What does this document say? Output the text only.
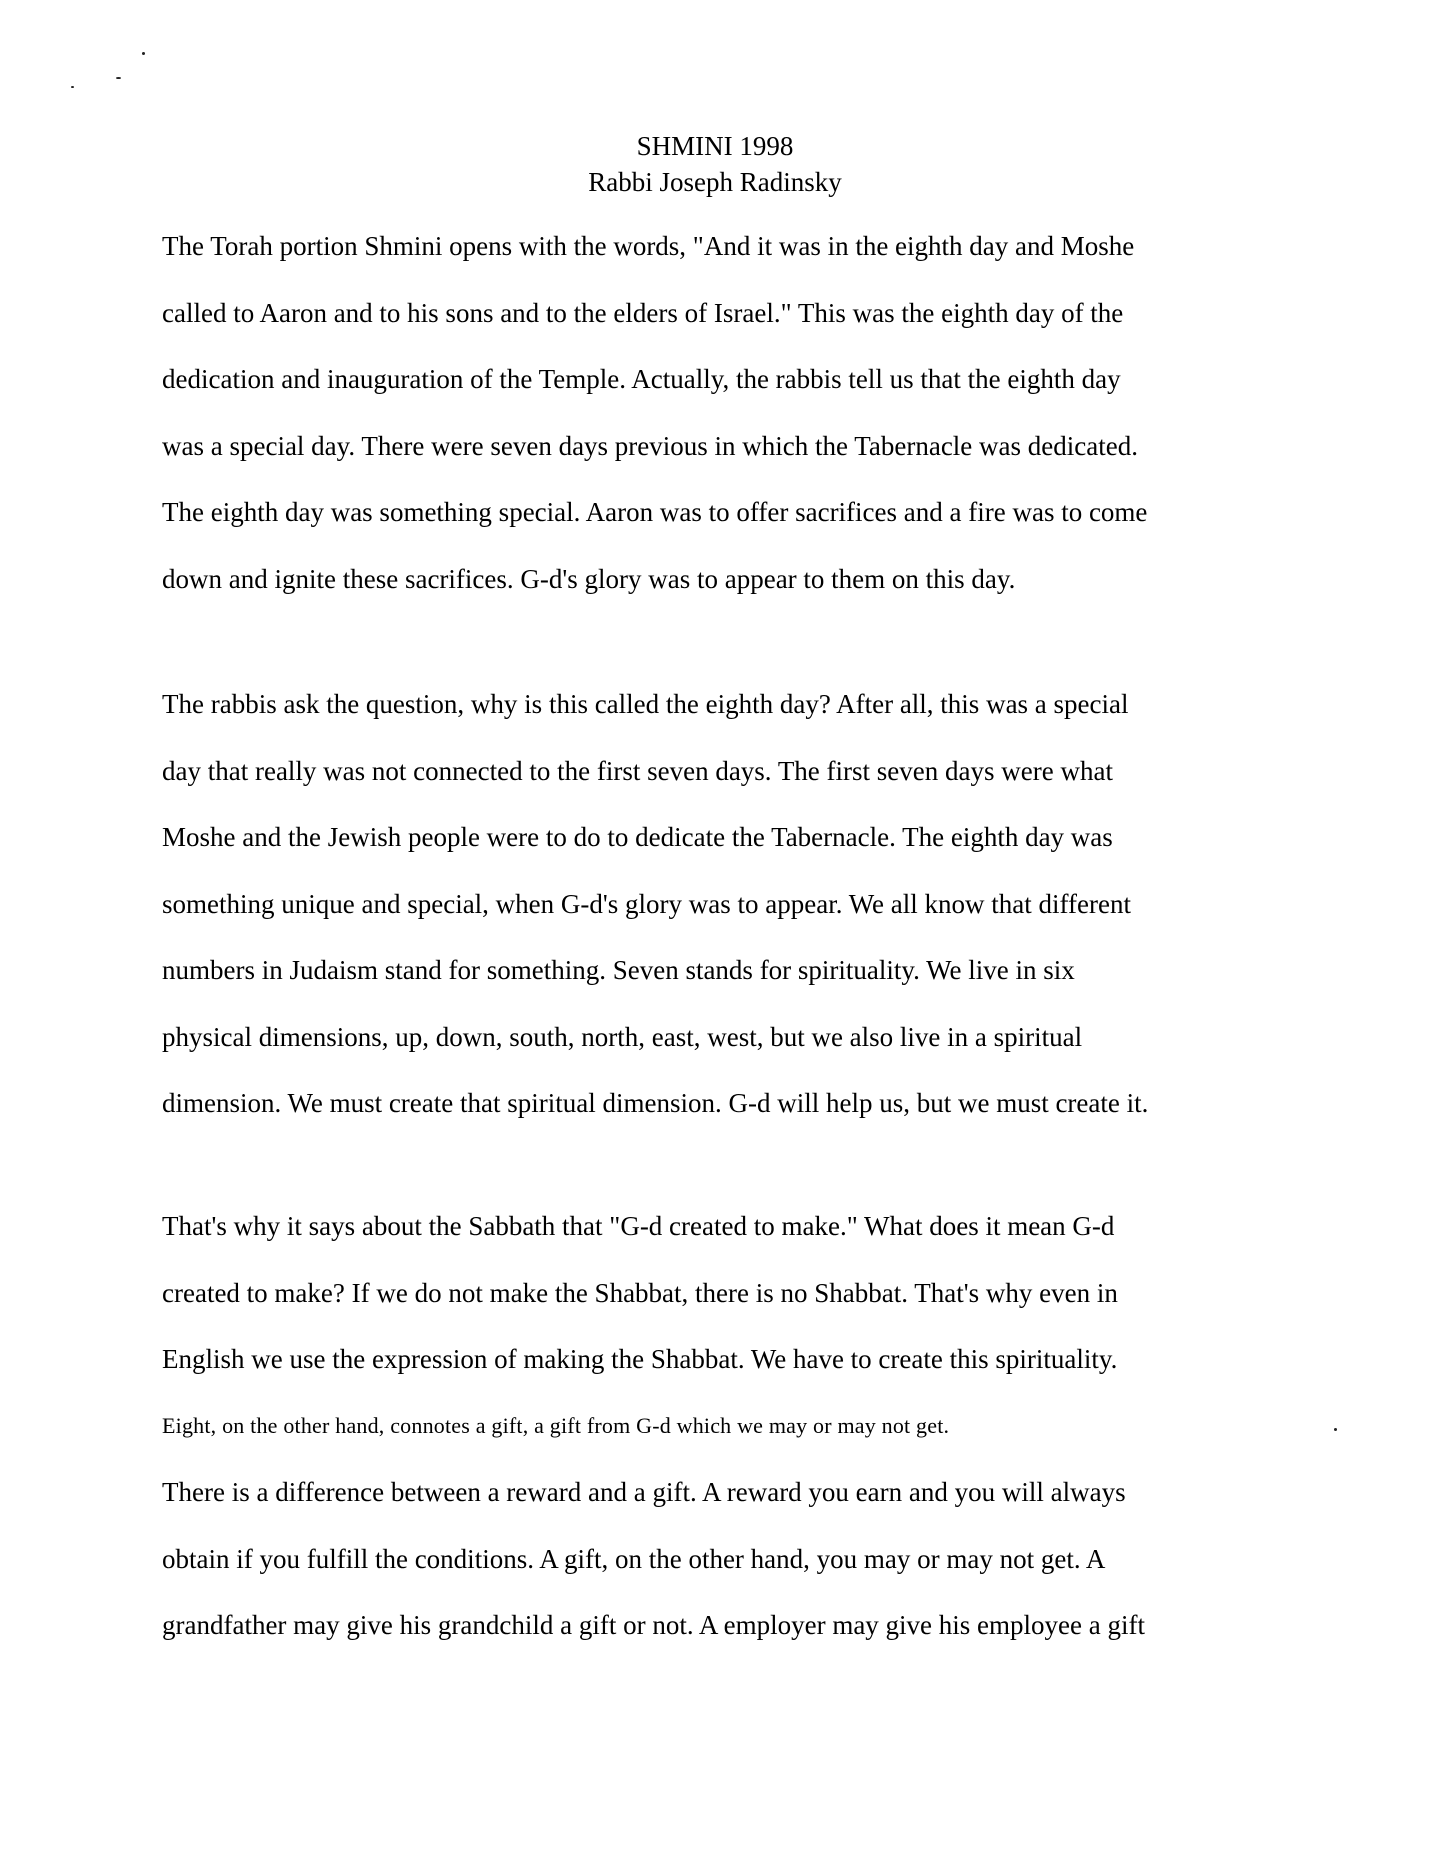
SHMINI 1998
Rabbi Joseph Radinsky
The Torah portion Shmini opens with the words, "And it was in the eighth day and Moshe
called to Aaron and to his sons and to the elders of Israel." This was the eighth day of the
dedication and inauguration of the Temple. Actually, the rabbis tell us that the eighth day
was a special day. There were seven days previous in which the Tabernacle was dedicated.
The eighth day was something special. Aaron was to offer sacrifices and a fire was to come
down and ignite these sacrifices. G-d's glory was to appear to them on this day.
The rabbis ask the question, why is this called the eighth day? After all, this was a special
day that really was not connected to the first seven days. The first seven days were what
Moshe and the Jewish people were to do to dedicate the Tabernacle. The eighth day was
something unique and special, when G-d's glory was to appear. We all know that different
numbers in Judaism stand for something. Seven stands for spirituality. We live in six
physical dimensions, up, down, south, north, east, west, but we also live in a spiritual
dimension. We must create that spiritual dimension. G-d will help us, but we must create it.
That's why it says about the Sabbath that "G-d created to make." What does it mean G-d
created to make? If we do not make the Shabbat, there is no Shabbat. That's why even in
English we use the expression of making the Shabbat. We have to create this spirituality.
Eight, on the other hand, connotes a gift, a gift from G-d which we may or may not get.
There is a difference between a reward and a gift. A reward you earn and you will always
obtain if you fulfill the conditions. A gift, on the other hand, you may or may not get. A
grandfather may give his grandchild a gift or not. A employer may give his employee a gift
